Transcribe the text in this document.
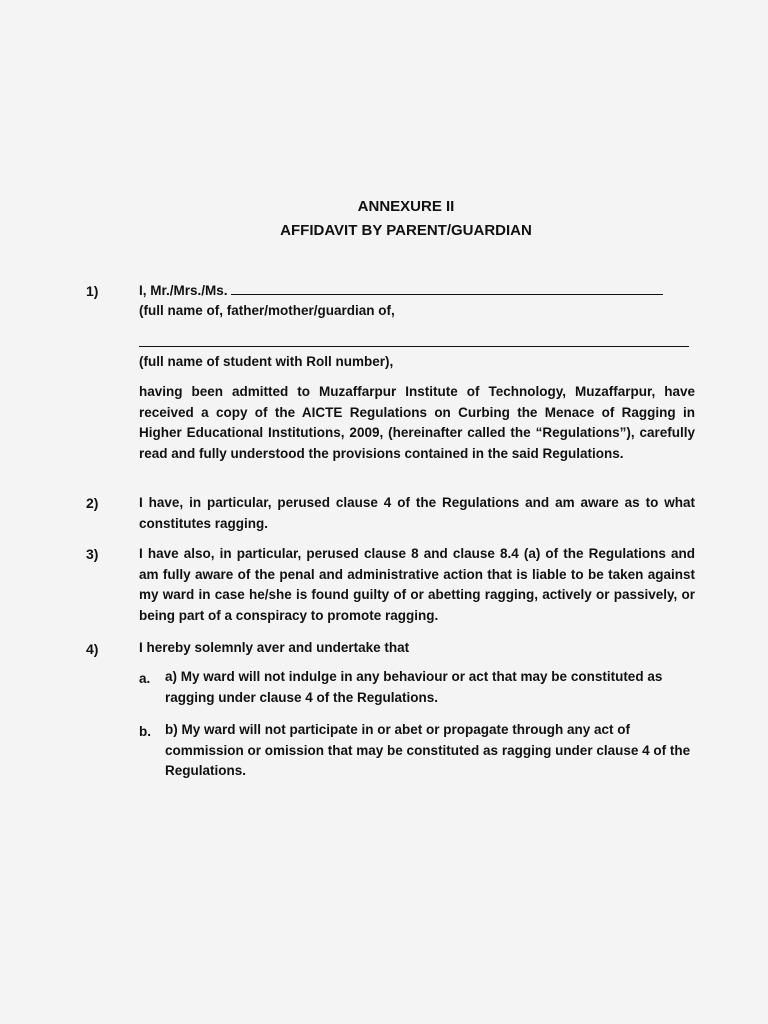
ANNEXURE II
AFFIDAVIT BY PARENT/GUARDIAN
1)	I, Mr./Mrs./Ms.
(full name of, father/mother/guardian of,
(full name of student with Roll number),
having been admitted to Muzaffarpur Institute of Technology, Muzaffarpur, have received a copy of the AICTE Regulations on Curbing the Menace of Ragging in Higher Educational Institutions, 2009, (hereinafter called the “Regulations”), carefully read and fully understood the provisions contained in the said Regulations.
2)	I have, in particular, perused clause 4 of the Regulations and am aware as to what constitutes ragging.
3)	I have also, in particular, perused clause 8 and clause 8.4 (a) of the Regulations and am fully aware of the penal and administrative action that is liable to be taken against my ward in case he/she is found guilty of or abetting ragging, actively or passively, or being part of a conspiracy to promote ragging.
4)	I hereby solemnly aver and undertake that
a. a) My ward will not indulge in any behaviour or act that may be constituted as ragging under clause 4 of the Regulations.
b. b) My ward will not participate in or abet or propagate through any act of commission or omission that may be constituted as ragging under clause 4 of the Regulations.
